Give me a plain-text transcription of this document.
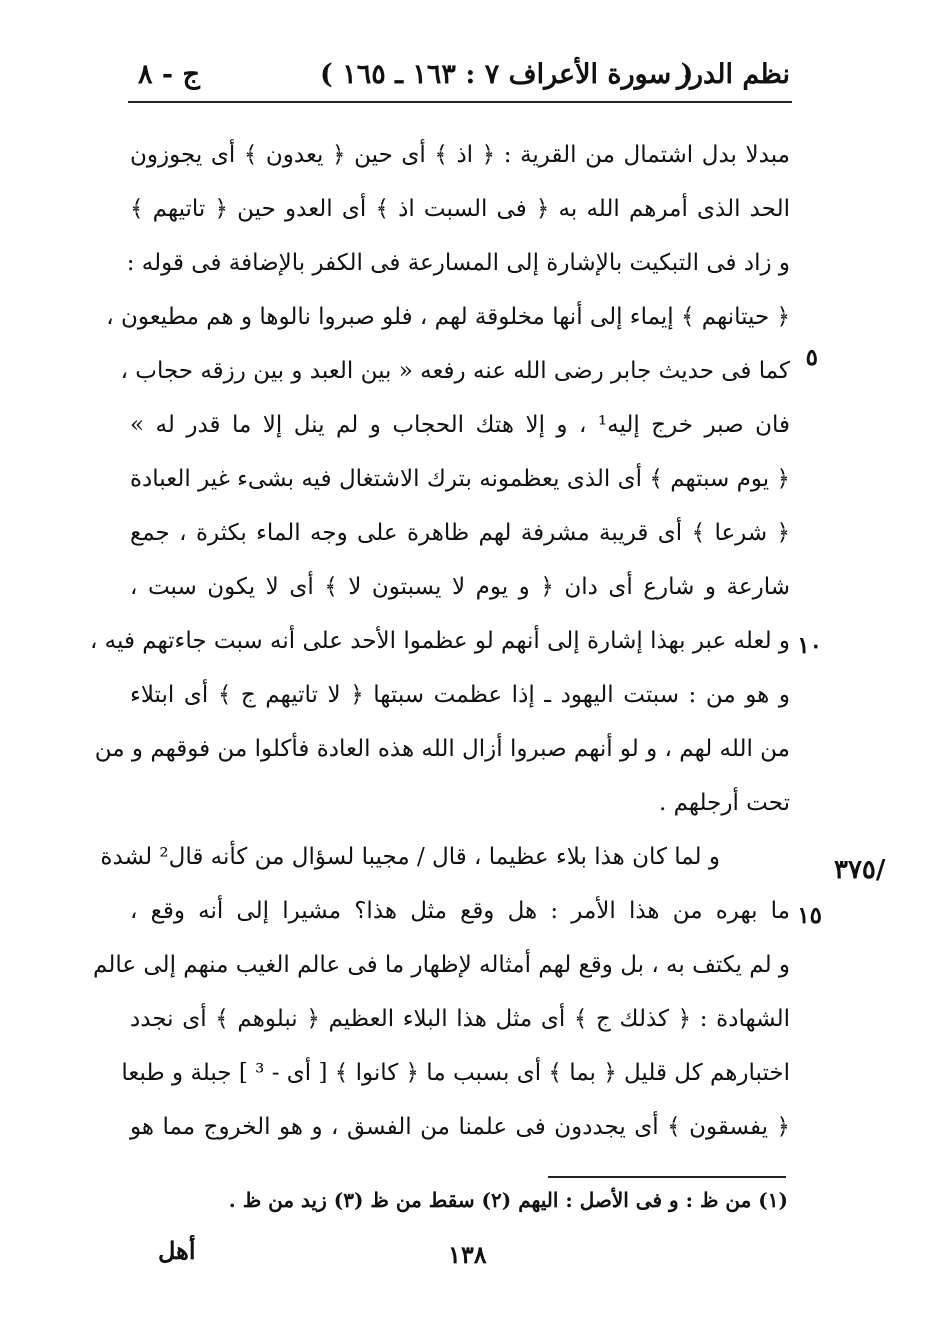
نظم الدرر
( سورة الأعراف ٧ : ١٦٣ ـ ١٦٥ )
ج - ٨
مبدلا بدل اشتمال من القرية : ﴿ اذ ﴾ أى حين ﴿ يعدون ﴾ أى يجوزون
الحد الذى أمرهم الله به ﴿ فى السبت اذ ﴾ أى العدو حين ﴿ تاتيهم ﴾
و زاد فى التبكيت بالإشارة إلى المسارعة فى الكفر بالإضافة فى قوله :
﴿ حيتانهم ﴾ إيماء إلى أنها مخلوقة لهم ، فلو صبروا نالوها و هم مطيعون ،
كما فى حديث جابر رضى الله عنه رفعه « بين العبد و بين رزقه حجاب ،
فان صبر خرج إليه¹ ، و إلا هتك الحجاب و لم ينل إلا ما قدر له »
﴿ يوم سبتهم ﴾ أى الذى يعظمونه بترك الاشتغال فيه بشىء غير العبادة
﴿ شرعا ﴾ أى قريبة مشرفة لهم ظاهرة على وجه الماء بكثرة ، جمع
شارعة و شارع أى دان ﴿ و يوم لا يسبتون لا ﴾ أى لا يكون سبت ،
و لعله عبر بهذا إشارة إلى أنهم لو عظموا الأحد على أنه سبت جاءتهم فيه ،
و هو من : سبتت اليهود ـ إذا عظمت سبتها ﴿ لا تاتيهم ج ﴾ أى ابتلاء
من الله لهم ، و لو أنهم صبروا أزال الله هذه العادة فأكلوا من فوقهم و من
تحت أرجلهم .
و لما كان هذا بلاء عظيما ، قال / مجيبا لسؤال من كأنه قال² لشدة
ما بهره من هذا الأمر : هل وقع مثل هذا؟ مشيرا إلى أنه وقع ،
و لم يكتف به ، بل وقع لهم أمثاله لإظهار ما فى عالم الغيب منهم إلى عالم
الشهادة : ﴿ كذلك ج ﴾ أى مثل هذا البلاء العظيم ﴿ نبلوهم ﴾ أى نجدد
اختبارهم كل قليل ﴿ بما ﴾ أى بسبب ما ﴿ كانوا ﴾ [ أى - ³ ] جبلة و طبعا
﴿ يفسقون ﴾ أى يجددون فى علمنا من الفسق ، و هو الخروج مما هو
٥
١٠
١٥
/٣٧٥
(١) من ظ : و فى الأصل : اليهم (٢) سقط من ظ (٣) زيد من ظ .
١٣٨
أهل
